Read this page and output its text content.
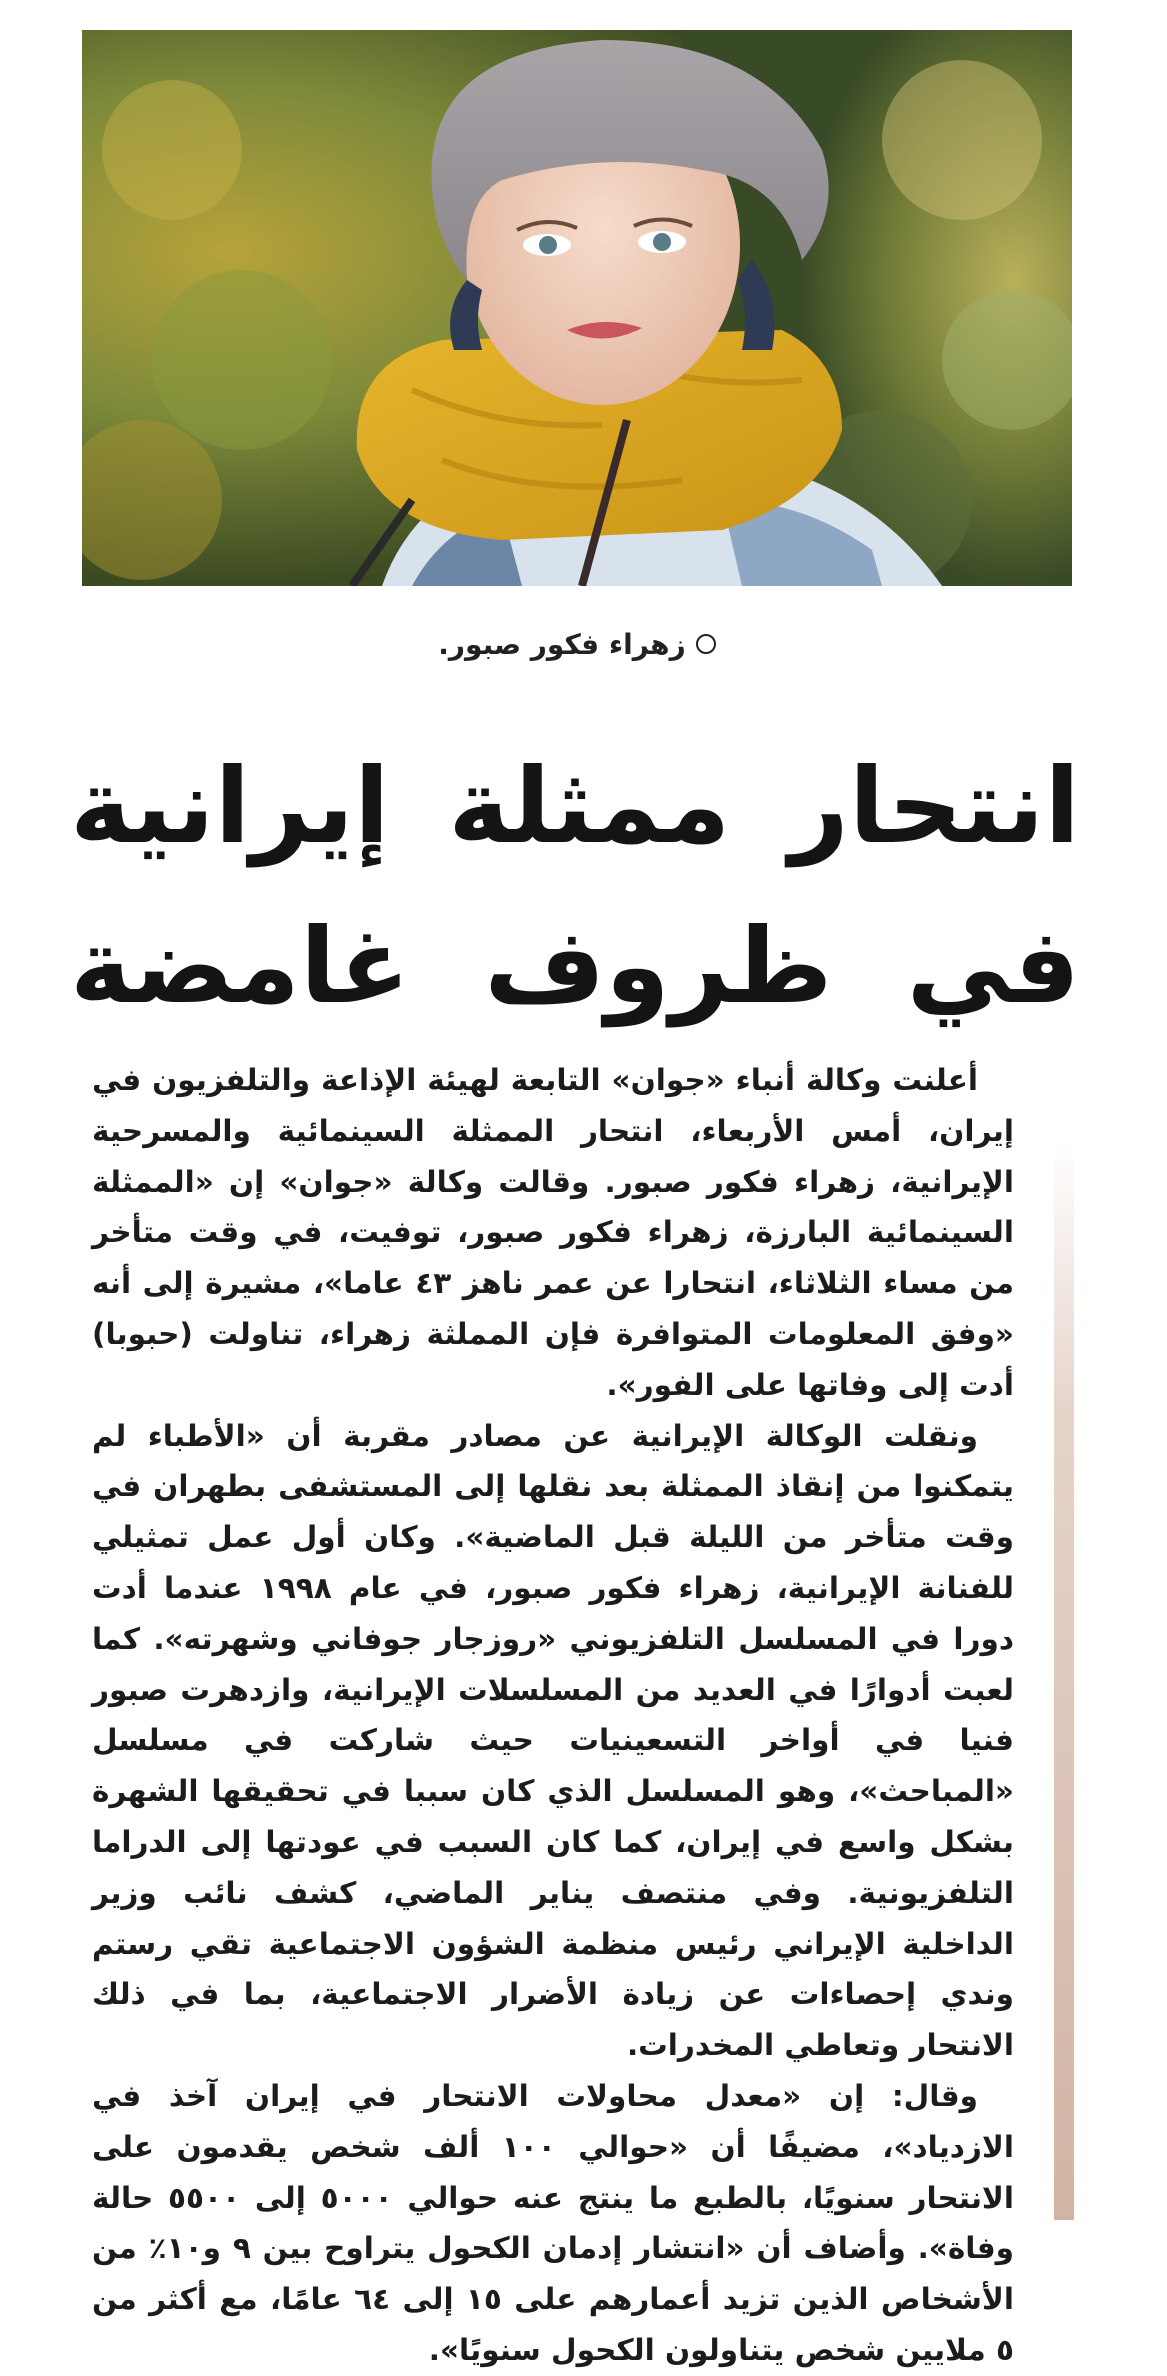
زهراء فكور صبور.
انتحار ممثلة إيرانية
في ظروف غامضة

أعلنت وكالة أنباء «جوان» التابعة لهيئة الإذاعة والتلفزيون في إيران، أمس الأربعاء، انتحار الممثلة السينمائية والمسرحية الإيرانية، زهراء فكور صبور. وقالت وكالة «جوان» إن «الممثلة السينمائية البارزة، زهراء فكور صبور، توفيت، في وقت متأخر من مساء الثلاثاء، انتحارا عن عمر ناهز ٤٣ عاما»، مشيرة إلى أنه «وفق المعلومات المتوافرة فإن المملثة زهراء، تناولت (حبوبا) أدت إلى وفاتها على الفور».

ونقلت الوكالة الإيرانية عن مصادر مقربة أن «الأطباء لم يتمكنوا من إنقاذ الممثلة بعد نقلها إلى المستشفى بطهران في وقت متأخر من الليلة قبل الماضية». وكان أول عمل تمثيلي للفنانة الإيرانية، زهراء فكور صبور، في عام ١٩٩٨ عندما أدت دورا في المسلسل التلفزيوني «روزجار جوفاني وشهرته». كما لعبت أدوارًا في العديد من المسلسلات الإيرانية، وازدهرت صبور فنيا في أواخر التسعينيات حيث شاركت في مسلسل «المباحث»، وهو المسلسل الذي كان سببا في تحقيقها الشهرة بشكل واسع في إيران، كما كان السبب في عودتها إلى الدراما التلفزيونية. وفي منتصف يناير الماضي، كشف نائب وزير الداخلية الإيراني رئيس منظمة الشؤون الاجتماعية تقي رستم وندي إحصاءات عن زيادة الأضرار الاجتماعية، بما في ذلك الانتحار وتعاطي المخدرات.

وقال: إن «معدل محاولات الانتحار في إيران آخذ في الازدياد»، مضيفًا أن «حوالي ١٠٠ ألف شخص يقدمون على الانتحار سنويًا، بالطبع ما ينتج عنه حوالي ٥٠٠٠ إلى ٥٥٠٠ حالة وفاة». وأضاف أن «انتشار إدمان الكحول يتراوح بين ٩ و١٠٪ من الأشخاص الذين تزيد أعمارهم على ١٥ إلى ٦٤ عامًا، مع أكثر من ٥ ملايين شخص يتناولون الكحول سنويًا».
